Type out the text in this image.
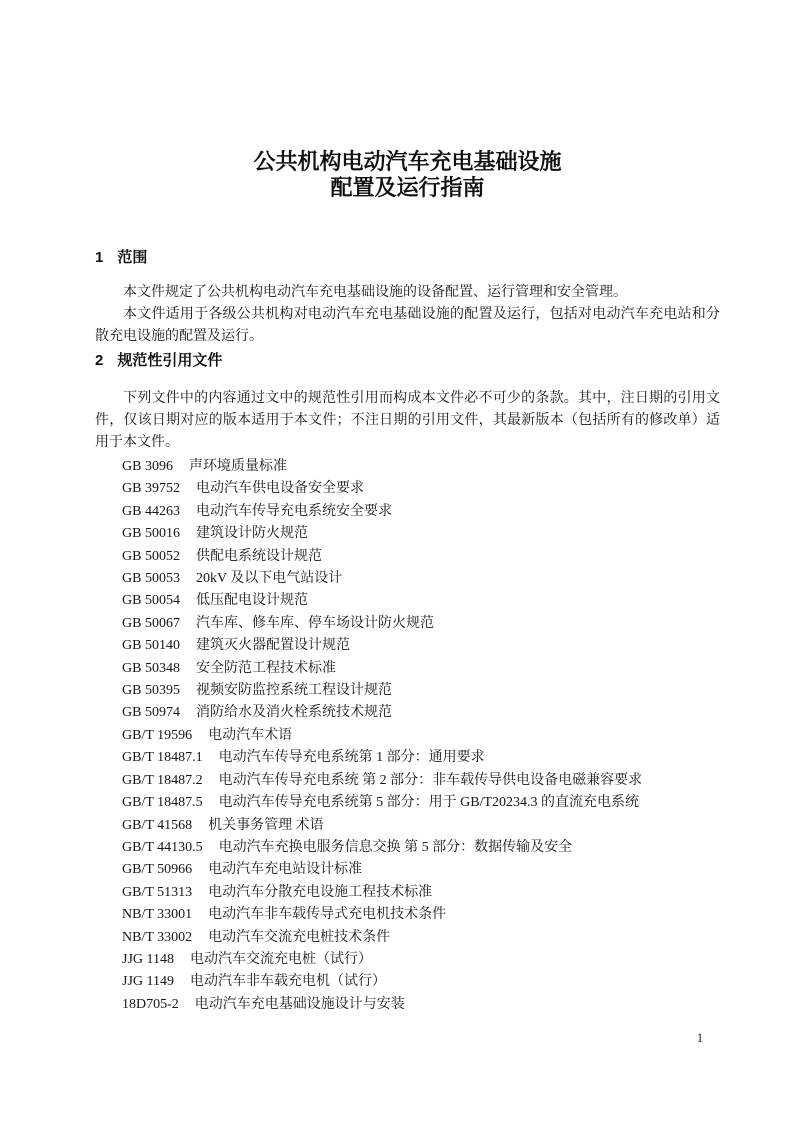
公共机构电动汽车充电基础设施
配置及运行指南
1 范围

本文件规定了公共机构电动汽车充电基础设施的设备配置、运行管理和安全管理。

本文件适用于各级公共机构对电动汽车充电基础设施的配置及运行，包括对电动汽车充电站和分散充电设施的配置及运行。

2 规范性引用文件

下列文件中的内容通过文中的规范性引用而构成本文件必不可少的条款。其中，注日期的引用文件，仅该日期对应的版本适用于本文件；不注日期的引用文件，其最新版本（包括所有的修改单）适用于本文件。

GB 3096 声环境质量标准
GB 39752 电动汽车供电设备安全要求
GB 44263 电动汽车传导充电系统安全要求
GB 50016 建筑设计防火规范
GB 50052 供配电系统设计规范
GB 50053 20kV 及以下电气站设计
GB 50054 低压配电设计规范
GB 50067 汽车库、修车库、停车场设计防火规范
GB 50140 建筑灭火器配置设计规范
GB 50348 安全防范工程技术标准
GB 50395 视频安防监控系统工程设计规范
GB 50974 消防给水及消火栓系统技术规范
GB/T 19596 电动汽车术语
GB/T 18487.1 电动汽车传导充电系统第 1 部分：通用要求
GB/T 18487.2 电动汽车传导充电系统 第 2 部分：非车载传导供电设备电磁兼容要求
GB/T 18487.5 电动汽车传导充电系统第 5 部分：用于 GB/T20234.3 的直流充电系统
GB/T 41568 机关事务管理 术语
GB/T 44130.5 电动汽车充换电服务信息交换 第 5 部分：数据传输及安全
GB/T 50966 电动汽车充电站设计标准
GB/T 51313 电动汽车分散充电设施工程技术标准
NB/T 33001 电动汽车非车载传导式充电机技术条件
NB/T 33002 电动汽车交流充电桩技术条件
JJG 1148 电动汽车交流充电桩（试行）
JJG 1149 电动汽车非车载充电机（试行）
18D705-2 电动汽车充电基础设施设计与安装
1
